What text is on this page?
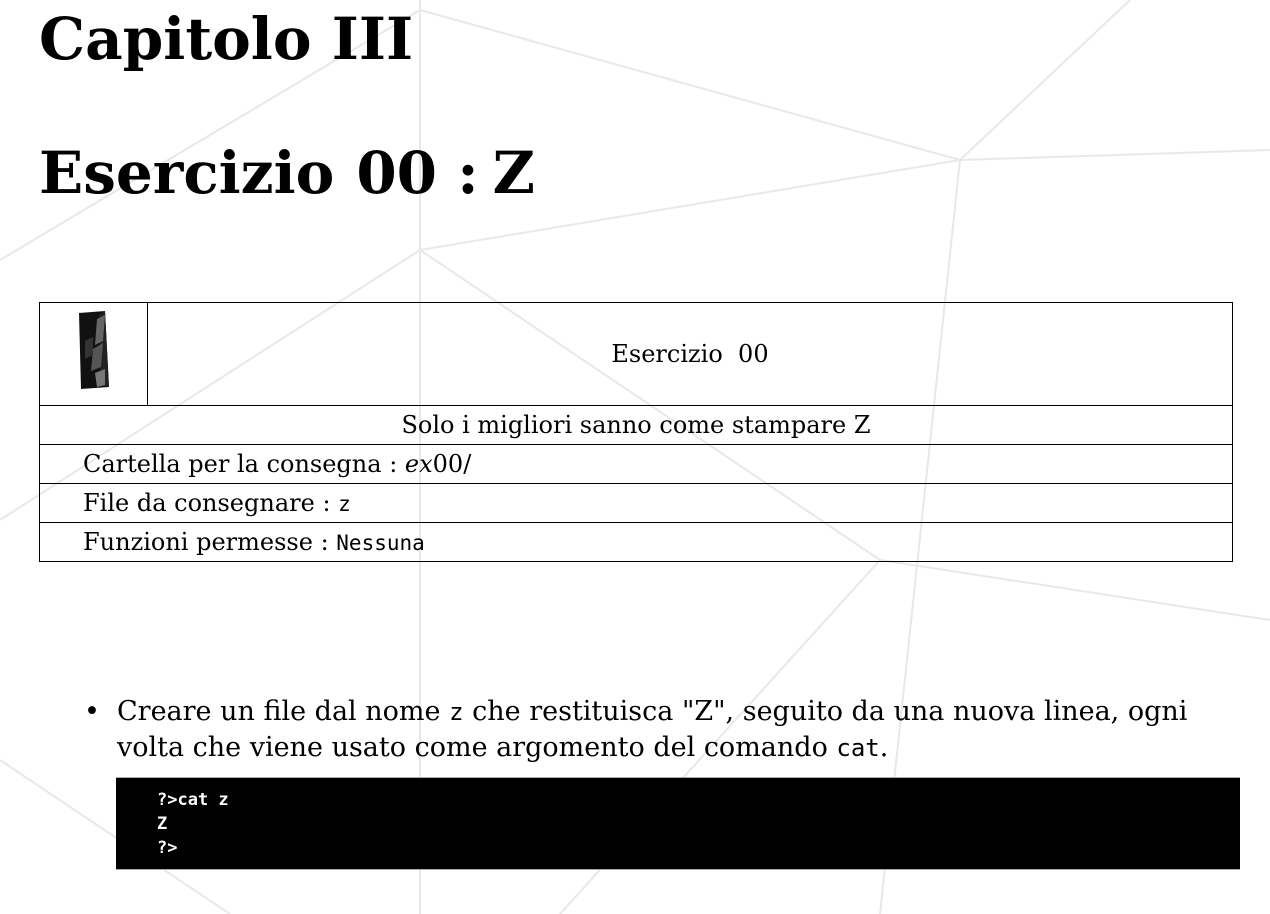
Capitolo III
Esercizio 00 : Z
	Esercizio  00
Solo i migliori sanno come stampare Z
Cartella per la consegna : ex00/
File da consegnare : z
Funzioni permesse : Nessuna
• Creare un file dal nome z che restituisca "Z", seguito da una nuova linea, ogni volta che viene usato come argomento del comando cat.
?>cat z
Z
?>
